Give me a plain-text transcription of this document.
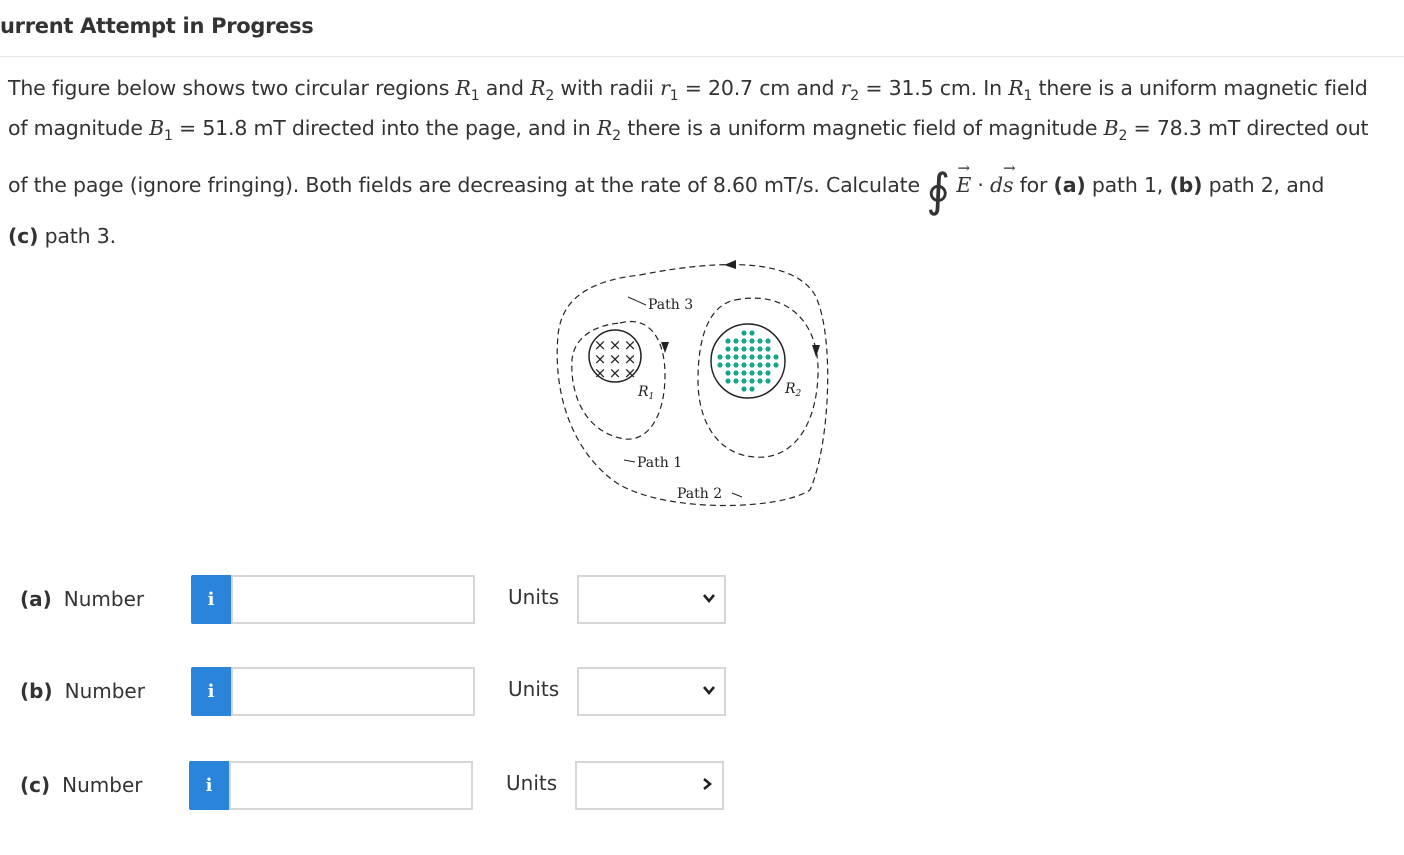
urrent Attempt in Progress

The figure below shows two circular regions $R_1$ and $R_2$ with radii $r_1 = 20.7$ cm and $r_2 = 31.5$ cm. In $R_1$ there is a uniform magnetic field

of magnitude $B_1 = 51.8$ mT directed into the page, and in $R_2$ there is a uniform magnetic field of magnitude $B_2 = 78.3$ mT directed out

of the page (ignore fringing). Both fields are decreasing at the rate of 8.60 mT/s. Calculate ∮ → E · d→ s for (a) path 1, (b) path 2, and

(c) path 3.

× × ×
× × ×
× × ×
Path 3
Path 1
Path 2
$R_1$	$R_2$
(a) Number	i	Units
(b) Number	i	Units
(c) Number	i	Units
